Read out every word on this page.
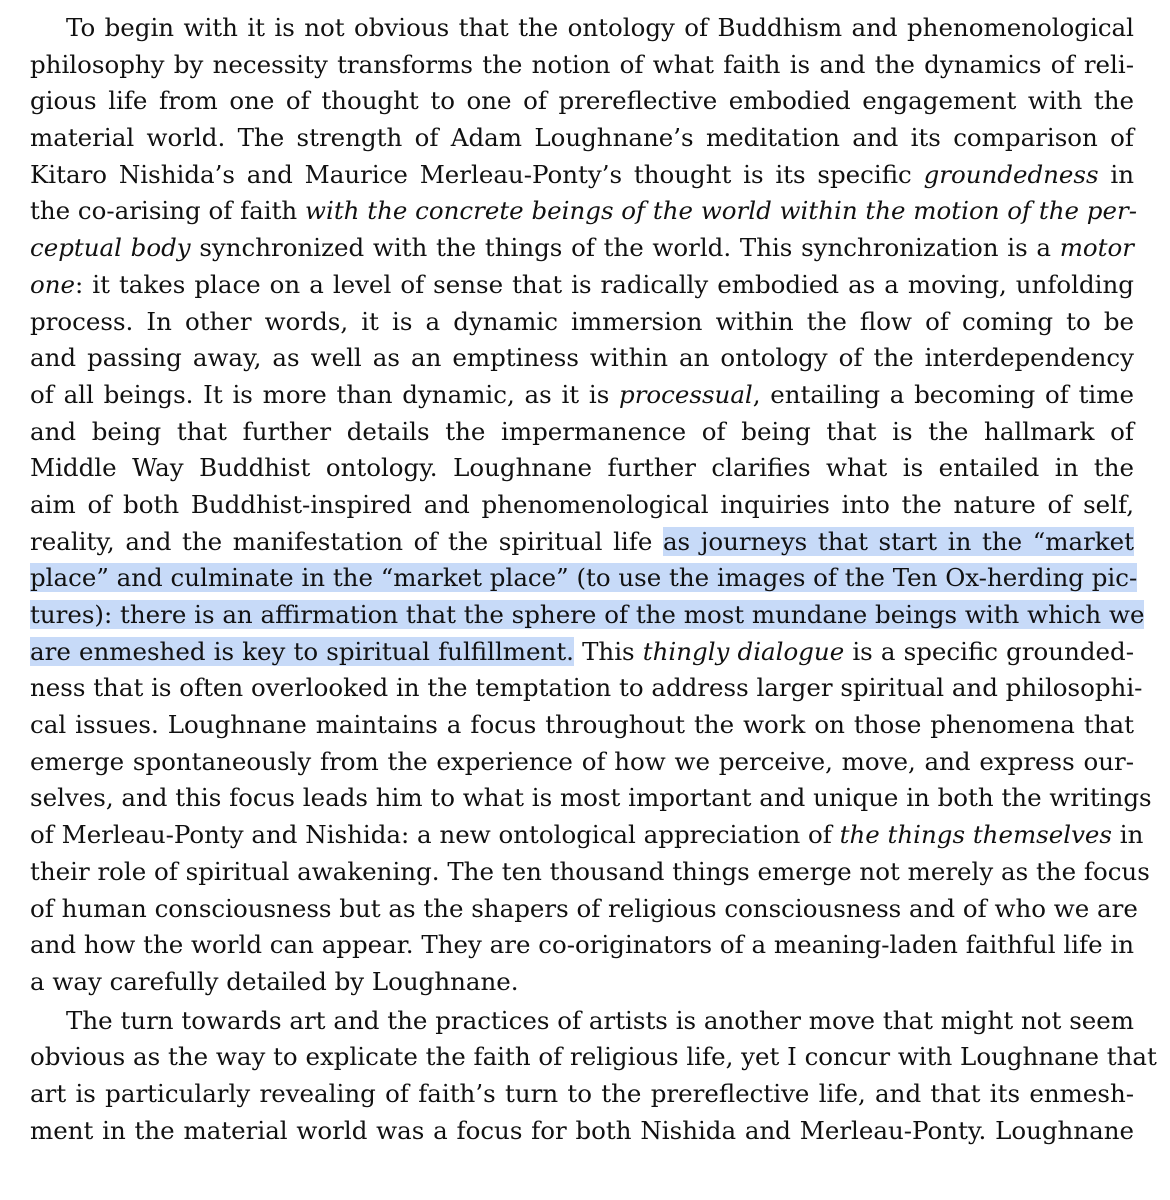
To begin with it is not obvious that the ontology of Buddhism and phenomenological
philosophy by necessity transforms the notion of what faith is and the dynamics of reli-
gious life from one of thought to one of prereflective embodied engagement with the
material world. The strength of Adam Loughnane’s meditation and its comparison of
Kitaro Nishida’s and Maurice Merleau-Ponty’s thought is its specific groundedness in
the co-arising of faith with the concrete beings of the world within the motion of the per-
ceptual body synchronized with the things of the world. This synchronization is a motor
one: it takes place on a level of sense that is radically embodied as a moving, unfolding
process. In other words, it is a dynamic immersion within the flow of coming to be
and passing away, as well as an emptiness within an ontology of the interdependency
of all beings. It is more than dynamic, as it is processual, entailing a becoming of time
and being that further details the impermanence of being that is the hallmark of
Middle Way Buddhist ontology. Loughnane further clarifies what is entailed in the
aim of both Buddhist-inspired and phenomenological inquiries into the nature of self,
reality, and the manifestation of the spiritual life as journeys that start in the “market
place” and culminate in the “market place” (to use the images of the Ten Ox-herding pic-
tures): there is an affirmation that the sphere of the most mundane beings with which we
are enmeshed is key to spiritual fulfillment. This thingly dialogue is a specific grounded-
ness that is often overlooked in the temptation to address larger spiritual and philosophi-
cal issues. Loughnane maintains a focus throughout the work on those phenomena that
emerge spontaneously from the experience of how we perceive, move, and express our-
selves, and this focus leads him to what is most important and unique in both the writings
of Merleau-Ponty and Nishida: a new ontological appreciation of the things themselves in
their role of spiritual awakening. The ten thousand things emerge not merely as the focus
of human consciousness but as the shapers of religious consciousness and of who we are
and how the world can appear. They are co-originators of a meaning-laden faithful life in
a way carefully detailed by Loughnane.
The turn towards art and the practices of artists is another move that might not seem
obvious as the way to explicate the faith of religious life, yet I concur with Loughnane that
art is particularly revealing of faith’s turn to the prereflective life, and that its enmesh-
ment in the material world was a focus for both Nishida and Merleau-Ponty. Loughnane
